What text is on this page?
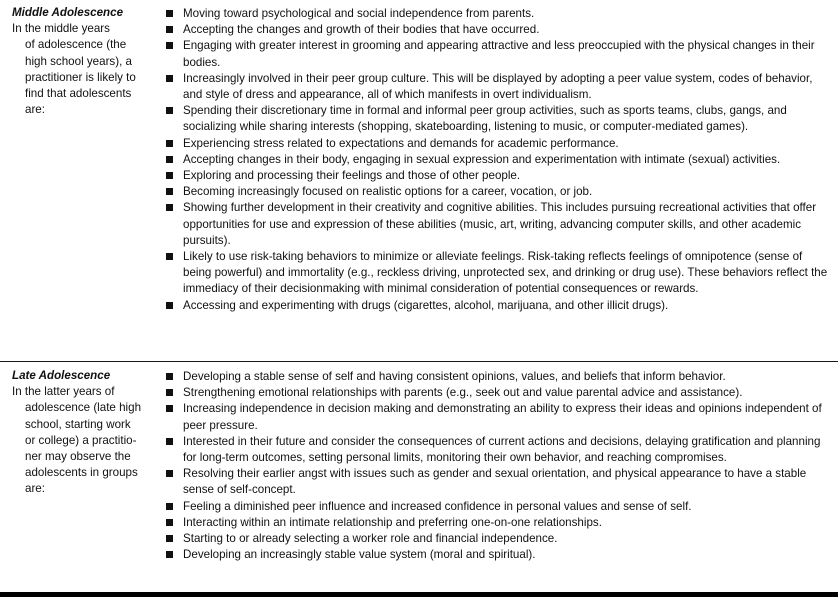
Middle Adolescence
In the middle years
of adolescence (the
high school years), a
practitioner is likely to
find that adolescents
are:
Moving toward psychological and social independence from parents.
Accepting the changes and growth of their bodies that have occurred.
Engaging with greater interest in grooming and appearing attractive and less preoccupied with the physical changes in their bodies.
Increasingly involved in their peer group culture. This will be displayed by adopting a peer value system, codes of behavior, and style of dress and appearance, all of which manifests in overt individualism.
Spending their discretionary time in formal and informal peer group activities, such as sports teams, clubs, gangs, and socializing while sharing interests (shopping, skateboarding, listening to music, or computer-mediated games).
Experiencing stress related to expectations and demands for academic performance.
Accepting changes in their body, engaging in sexual expression and experimentation with intimate (sexual) activities.
Exploring and processing their feelings and those of other people.
Becoming increasingly focused on realistic options for a career, vocation, or job.
Showing further development in their creativity and cognitive abilities. This includes pursuing recreational activities that offer opportunities for use and expression of these abilities (music, art, writing, advancing computer skills, and other academic pursuits).
Likely to use risk-taking behaviors to minimize or alleviate feelings. Risk-taking reflects feelings of omnipotence (sense of being powerful) and immortality (e.g., reckless driving, unprotected sex, and drinking or drug use). These behaviors reflect the immediacy of their decisionmaking with minimal consideration of potential consequences or rewards.
Accessing and experimenting with drugs (cigarettes, alcohol, marijuana, and other illicit drugs).
Late Adolescence
In the latter years of
adolescence (late high
school, starting work
or college) a practitio-
ner may observe the
adolescents in groups
are:
Developing a stable sense of self and having consistent opinions, values, and beliefs that inform behavior.
Strengthening emotional relationships with parents (e.g., seek out and value parental advice and assistance).
Increasing independence in decision making and demonstrating an ability to express their ideas and opinions independent of peer pressure.
Interested in their future and consider the consequences of current actions and decisions, delaying gratification and planning for long-term outcomes, setting personal limits, monitoring their own behavior, and reaching compromises.
Resolving their earlier angst with issues such as gender and sexual orientation, and physical appearance to have a stable sense of self-concept.
Feeling a diminished peer influence and increased confidence in personal values and sense of self.
Interacting within an intimate relationship and preferring one-on-one relationships.
Starting to or already selecting a worker role and financial independence.
Developing an increasingly stable value system (moral and spiritual).
